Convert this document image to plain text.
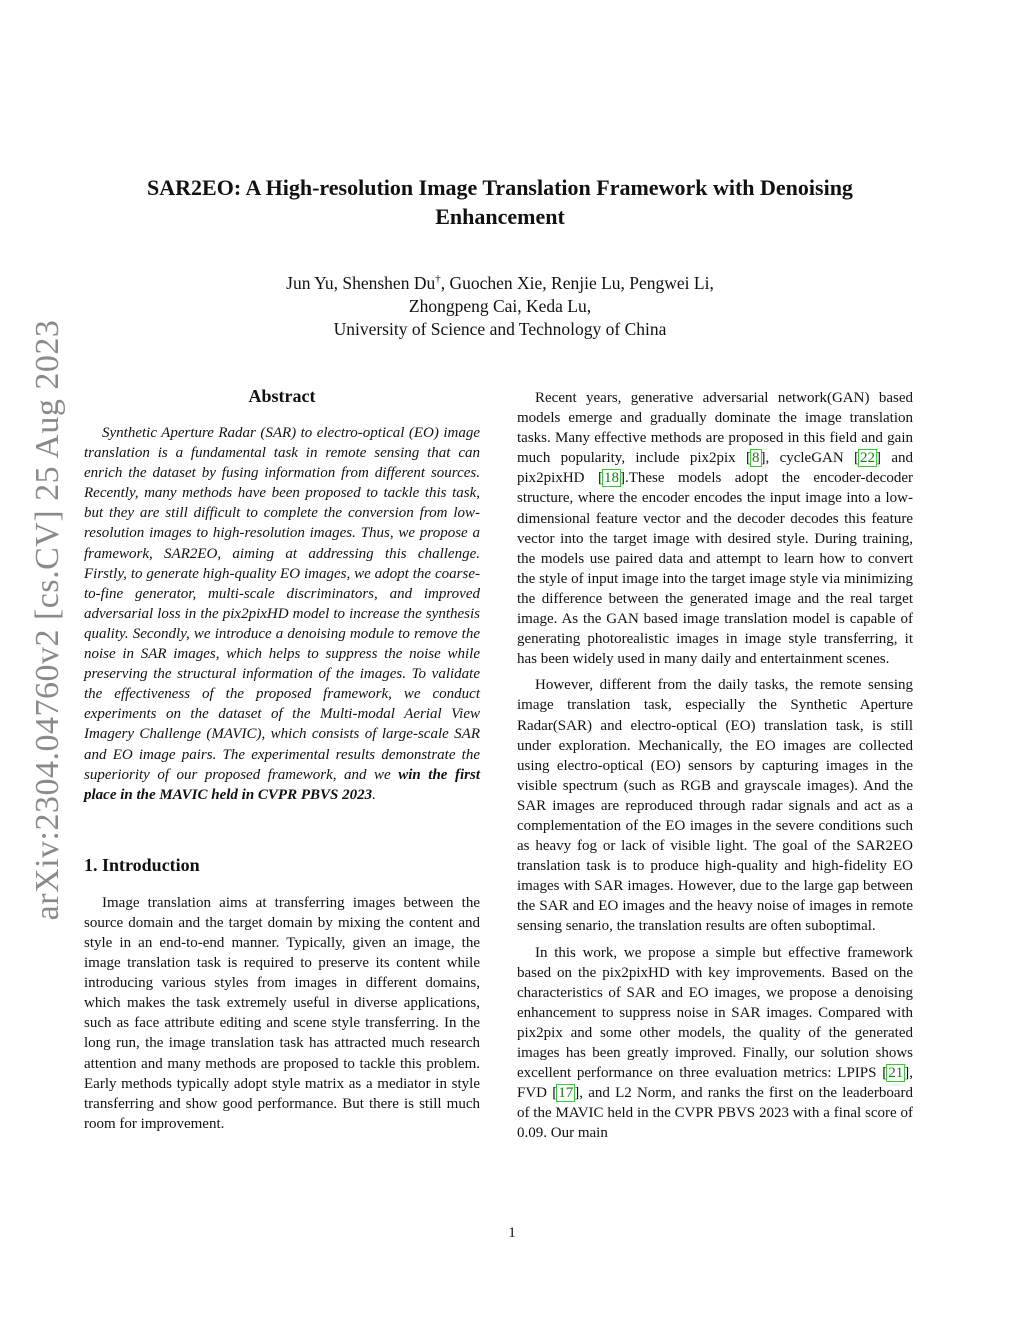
arXiv:2304.04760v2 [cs.CV] 25 Aug 2023
SAR2EO: A High-resolution Image Translation Framework with Denoising Enhancement
Jun Yu, Shenshen Du†, Guochen Xie, Renjie Lu, Pengwei Li,
Zhongpeng Cai, Keda Lu,
University of Science and Technology of China
Abstract

Synthetic Aperture Radar (SAR) to electro-optical (EO) image translation is a fundamental task in remote sensing that can enrich the dataset by fusing information from different sources. Recently, many methods have been proposed to tackle this task, but they are still difficult to complete the conversion from low-resolution images to high-resolution images. Thus, we propose a framework, SAR2EO, aiming at addressing this challenge. Firstly, to generate high-quality EO images, we adopt the coarse-to-fine generator, multi-scale discriminators, and improved adversarial loss in the pix2pixHD model to increase the synthesis quality. Secondly, we introduce a denoising module to remove the noise in SAR images, which helps to suppress the noise while preserving the structural information of the images. To validate the effectiveness of the proposed framework, we conduct experiments on the dataset of the Multi-modal Aerial View Imagery Challenge (MAVIC), which consists of large-scale SAR and EO image pairs. The experimental results demonstrate the superiority of our proposed framework, and we win the first place in the MAVIC held in CVPR PBVS 2023.

1. Introduction

Image translation aims at transferring images between the source domain and the target domain by mixing the content and style in an end-to-end manner. Typically, given an image, the image translation task is required to preserve its content while introducing various styles from images in different domains, which makes the task extremely useful in diverse applications, such as face attribute editing and scene style transferring. In the long run, the image translation task has attracted much research attention and many methods are proposed to tackle this problem. Early methods typically adopt style matrix as a mediator in style transferring and show good performance. But there is still much room for improvement.

Recent years, generative adversarial network(GAN) based models emerge and gradually dominate the image translation tasks. Many effective methods are proposed in this field and gain much popularity, include pix2pix [8], cycleGAN [22] and pix2pixHD [18].These models adopt the encoder-decoder structure, where the encoder encodes the input image into a low-dimensional feature vector and the decoder decodes this feature vector into the target image with desired style. During training, the models use paired data and attempt to learn how to convert the style of input image into the target image style via minimizing the difference between the generated image and the real target image. As the GAN based image translation model is capable of generating photorealistic images in image style transferring, it has been widely used in many daily and entertainment scenes.

However, different from the daily tasks, the remote sensing image translation task, especially the Synthetic Aperture Radar(SAR) and electro-optical (EO) translation task, is still under exploration. Mechanically, the EO images are collected using electro-optical (EO) sensors by capturing images in the visible spectrum (such as RGB and grayscale images). And the SAR images are reproduced through radar signals and act as a complementation of the EO images in the severe conditions such as heavy fog or lack of visible light. The goal of the SAR2EO translation task is to produce high-quality and high-fidelity EO images with SAR images. However, due to the large gap between the SAR and EO images and the heavy noise of images in remote sensing senario, the translation results are often suboptimal.

In this work, we propose a simple but effective framework based on the pix2pixHD with key improvements. Based on the characteristics of SAR and EO images, we propose a denoising enhancement to suppress noise in SAR images. Compared with pix2pix and some other models, the quality of the generated images has been greatly improved. Finally, our solution shows excellent performance on three evaluation metrics: LPIPS [21], FVD [17], and L2 Norm, and ranks the first on the leaderboard of the MAVIC held in the CVPR PBVS 2023 with a final score of 0.09. Our main

1
